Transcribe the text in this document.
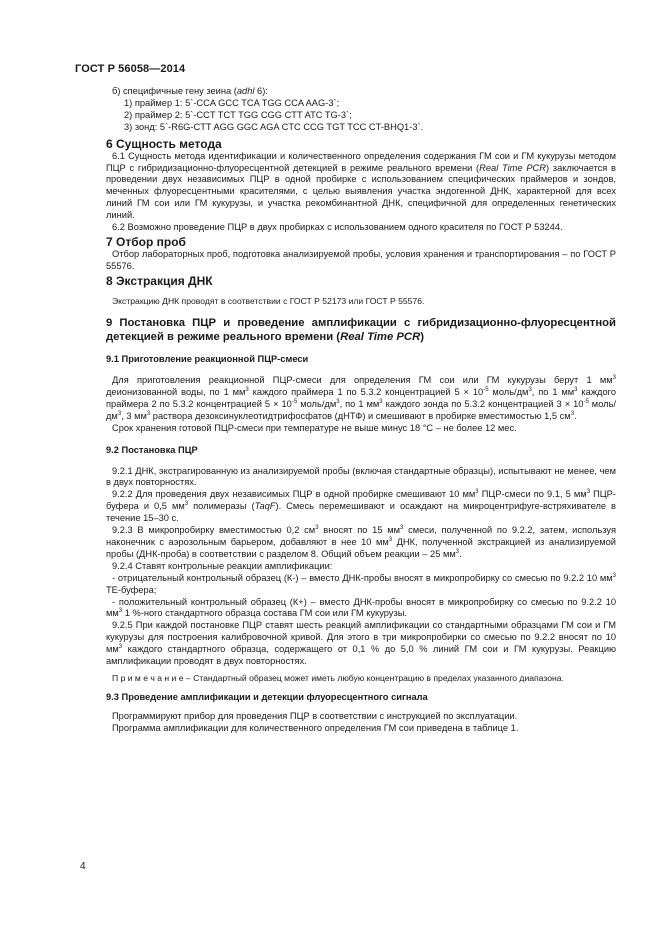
ГОСТ Р 56058—2014

б) специфичные гену зеина (adhl 6):

1) праймер 1: 5`-CCA GCC TCA TGG CCA AAG-3`;

2) праймер 2: 5`-CCT TCT TGG CGG CTT ATC TG-3`;

3) зонд: 5`-R6G-CTT AGG GGC AGA CTC CCG TGT TCC CT-BHQ1-3`.

6 Сущность метода

6.1 Сущность метода идентификации и количественного определения содержания ГМ сои и ГМ кукурузы методом ПЦР с гибридизационно-флуоресцентной детекцией в режиме реального времени (Real Time PCR) заключается в проведении двух независимых ПЦР в одной пробирке с использованием специфических праймеров и зондов, меченных флуоресцентными красителями, с целью выявления участка эндогенной ДНК, характерной для всех линий ГМ сои или ГМ кукурузы, и участка рекомбинантной ДНК, специфичной для определенных генетических линий.

6.2 Возможно проведение ПЦР в двух пробирках с использованием одного красителя по ГОСТ Р 53244.

7 Отбор проб

Отбор лабораторных проб, подготовка анализируемой пробы, условия хранения и транспортирования – по ГОСТ Р 55576.

8 Экстракция ДНК

Экстракцию ДНК проводят в соответствии с ГОСТ Р 52173 или ГОСТ Р 55576.

9 Постановка ПЦР и проведение амплификации с гибридизационно-флуоресцентной детекцией в режиме реального времени (Real Time PCR)

9.1 Приготовление реакционной ПЦР-смеси

Для приготовления реакционной ПЦР-смеси для определения ГМ сои или ГМ кукурузы берут 1 $мм^3$ деионизованной воды, по 1 $мм^3$ каждого праймера 1 по 5.3.2 концентрацией $5 \times 10^{-5}$ моль/$дм^3$, по 1 $мм^3$ каждого праймера 2 по 5.3.2 концентрацией $5 \times 10^{-5}$ моль/$дм^3$, по 1 $мм^3$ каждого зонда по 5.3.2 концентрацией $3 \times 10^{-5}$ моль/$дм^3$, 3 $мм^3$ раствора дезоксинуклеотидтрифосфатов (дНТФ) и смешивают в пробирке вместимостью 1,5 $см^3$.

Срок хранения готовой ПЦР-смеси при температуре не выше минус 18 °С – не более 12 мес.

9.2 Постановка ПЦР

9.2.1 ДНК, экстрагированную из анализируемой пробы (включая стандартные образцы), испытывают не менее, чем в двух повторностях.

9.2.2 Для проведения двух независимых ПЦР в одной пробирке смешивают 10 $мм^3$ ПЦР-смеси по 9.1, 5 $мм^3$ ПЦР-буфера и 0,5 $мм^3$ полимеразы (TaqF). Смесь перемешивают и осаждают на микроцентрифуге-встряхивателе в течение 15–30 с.

9.2.3 В микропробирку вместимостью 0,2 $см^3$ вносят по 15 $мм^3$ смеси, полученной по 9.2.2, затем, используя наконечник с аэрозольным барьером, добавляют в нее 10 $мм^3$ ДНК, полученной экстракцией из анализируемой пробы (ДНК-проба) в соответствии с разделом 8. Общий объем реакции – 25 $мм^3$.

9.2.4 Ставят контрольные реакции амплификации:

- отрицательный контрольный образец (К-) – вместо ДНК-пробы вносят в микропробирку со смесью по 9.2.2 10 $мм^3$ ТЕ-буфера;

- положительный контрольный образец (К+) – вместо ДНК-пробы вносят в микропробирку со смесью по 9.2.2 10 $мм^3$ 1 %-ного стандартного образца состава ГМ сои или ГМ кукурузы.

9.2.5 При каждой постановке ПЦР ставят шесть реакций амплификации со стандартными образцами ГМ сои и ГМ кукурузы для построения калибровочной кривой. Для этого в три микропробирки со смесью по 9.2.2 вносят по 10 $мм^3$ каждого стандартного образца, содержащего от 0,1 % до 5,0 % линий ГМ сои и ГМ кукурузы. Реакцию амплификации проводят в двух повторностях.

П р и м е ч а н и е – Стандартный образец может иметь любую концентрацию в пределах указанного диапазона.

9.3 Проведение амплификации и детекции флуоресцентного сигнала

Программируют прибор для проведения ПЦР в соответствии с инструкцией по эксплуатации.

Программа амплификации для количественного определения ГМ сои приведена в таблице 1.

4
